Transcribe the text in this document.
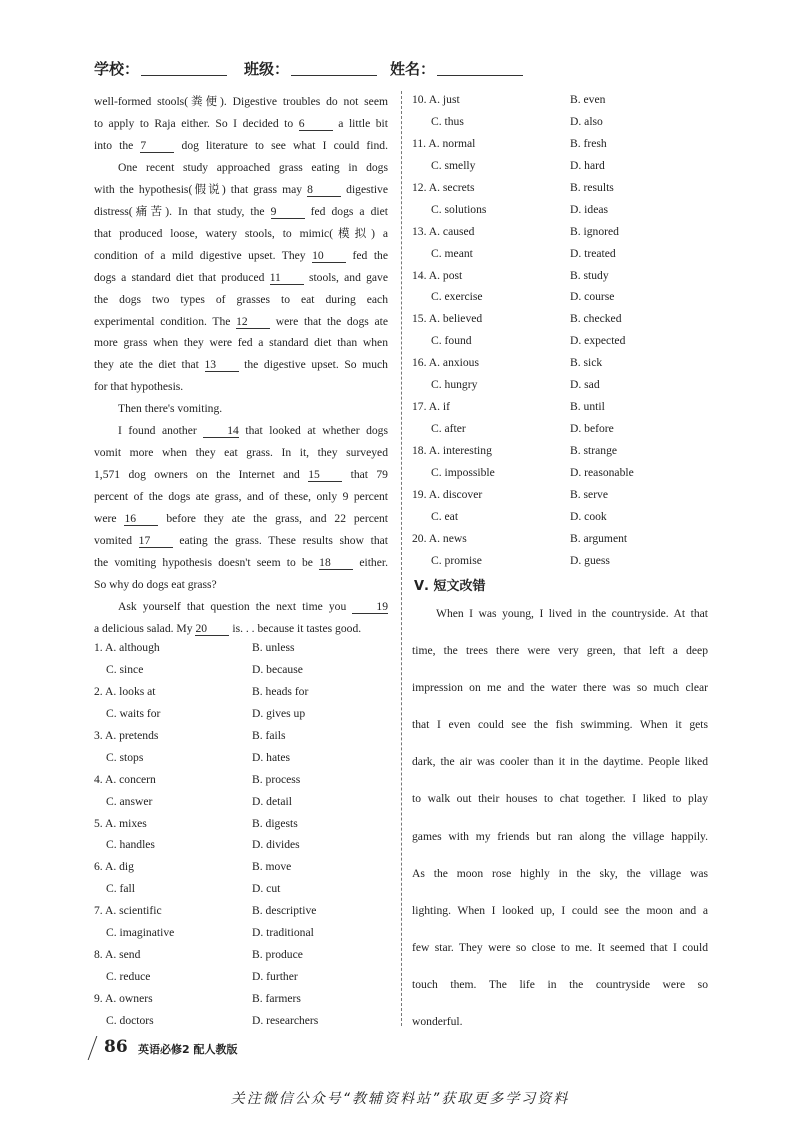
学校：	班级：	姓名：
well-formed stools(粪便). Digestive troubles do not seem
to apply to Raja either. So I decided to 6	a little bit
into the 7	dog literature to see what I could find.
One recent study approached grass eating in dogs
with the hypothesis(假说) that grass may 8	digestive
distress(痛苦). In that study, the 9	fed dogs a diet
that produced loose, watery stools, to mimic(模拟) a
condition of a mild digestive upset. They 10 fed the
dogs a standard diet that produced 11 stools, and gave
the dogs two types of grasses to eat during each
experimental condition. The 12 were that the dogs ate
more grass when they were fed a standard diet than when
they ate the diet that 13 the digestive upset. So much
for that hypothesis.
Then there's vomiting.
I found another	14 that looked at whether dogs
vomit more when they eat grass. In it, they surveyed
1,571 dog owners on the Internet and 15	that 79
percent of the dogs ate grass, and of these, only 9 percent
were 16	before they ate the grass, and 22 percent
vomited 17	eating the grass. These results show that
the vomiting hypothesis doesn't seem to be 18 either.
So why do dogs eat grass?
Ask yourself that question the next time you	19
a delicious salad. My 20 is. . . because it tastes good.
1. A. although	B. unless
C. since	D. because
2. A. looks at	B. heads for
C. waits for	D. gives up
3. A. pretends	B. fails
C. stops	D. hates
4. A. concern	B. process
C. answer	D. detail
5. A. mixes	B. digests
C. handles	D. divides
6. A. dig	B. move
C. fall	D. cut
7. A. scientific	B. descriptive
C. imaginative	D. traditional
8. A. send	B. produce
C. reduce	D. further
9. A. owners	B. farmers
C. doctors	D. researchers
10. A. just	B. even
C. thus	D. also
11. A. normal	B. fresh
C. smelly	D. hard
12. A. secrets	B. results
C. solutions	D. ideas
13. A. caused	B. ignored
C. meant	D. treated
14. A. post	B. study
C. exercise	D. course
15. A. believed	B. checked
C. found	D. expected
16. A. anxious	B. sick
C. hungry	D. sad
17. A. if	B. until
C. after	D. before
18. A. interesting	B. strange
C. impossible	D. reasonable
19. A. discover	B. serve
C. eat	D. cook
20. A. news	B. argument
C. promise	D. guess
Ⅴ. 短文改错
When I was young, I lived in the countryside. At that
time, the trees there were very green, that left a deep
impression on me and the water there was so much clear
that I even could see the fish swimming. When it gets
dark, the air was cooler than it in the daytime. People liked
to walk out their houses to chat together. I liked to play
games with my friends but ran along the village happily.
As the moon rose highly in the sky, the village was
lighting. When I looked up, I could see the moon and a
few star. They were so close to me. It seemed that I could
touch them. The life in the countryside were so
wonderful.
86 英语必修2 配人教版
关注微信公众号“教辅资料站”获取更多学习资料
